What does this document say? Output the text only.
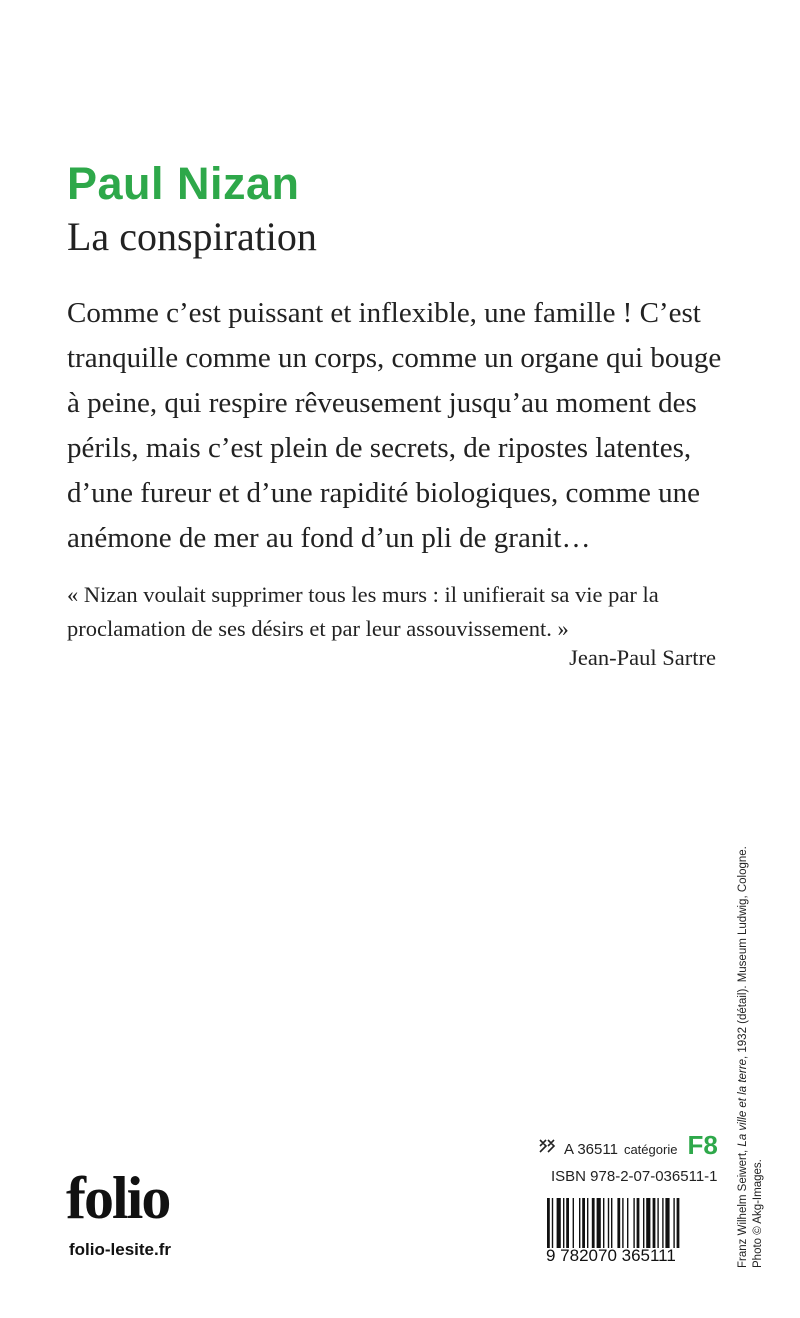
Paul Nizan
La conspiration
Comme c’est puissant et inflexible, une famille ! C’est
tranquille comme un corps, comme un organe qui bouge
à peine, qui respire rêveusement jusqu’au moment des
périls, mais c’est plein de secrets, de ripostes latentes,
d’une fureur et d’une rapidité biologiques, comme une
anémone de mer au fond d’un pli de granit…
« Nizan voulait supprimer tous les murs : il unifierait sa vie par la
proclamation de ses désirs et par leur assouvissement. »
Jean-Paul Sartre
folio
folio-lesite.fr
A 36511 catégorie F8
ISBN 978-2-07-036511-1
9 782070 365111	Franz Wilhelm Seiwert, La ville et la terre, 1932 (détail). Museum Ludwig, Cologne.
Photo © Akg-Images.
